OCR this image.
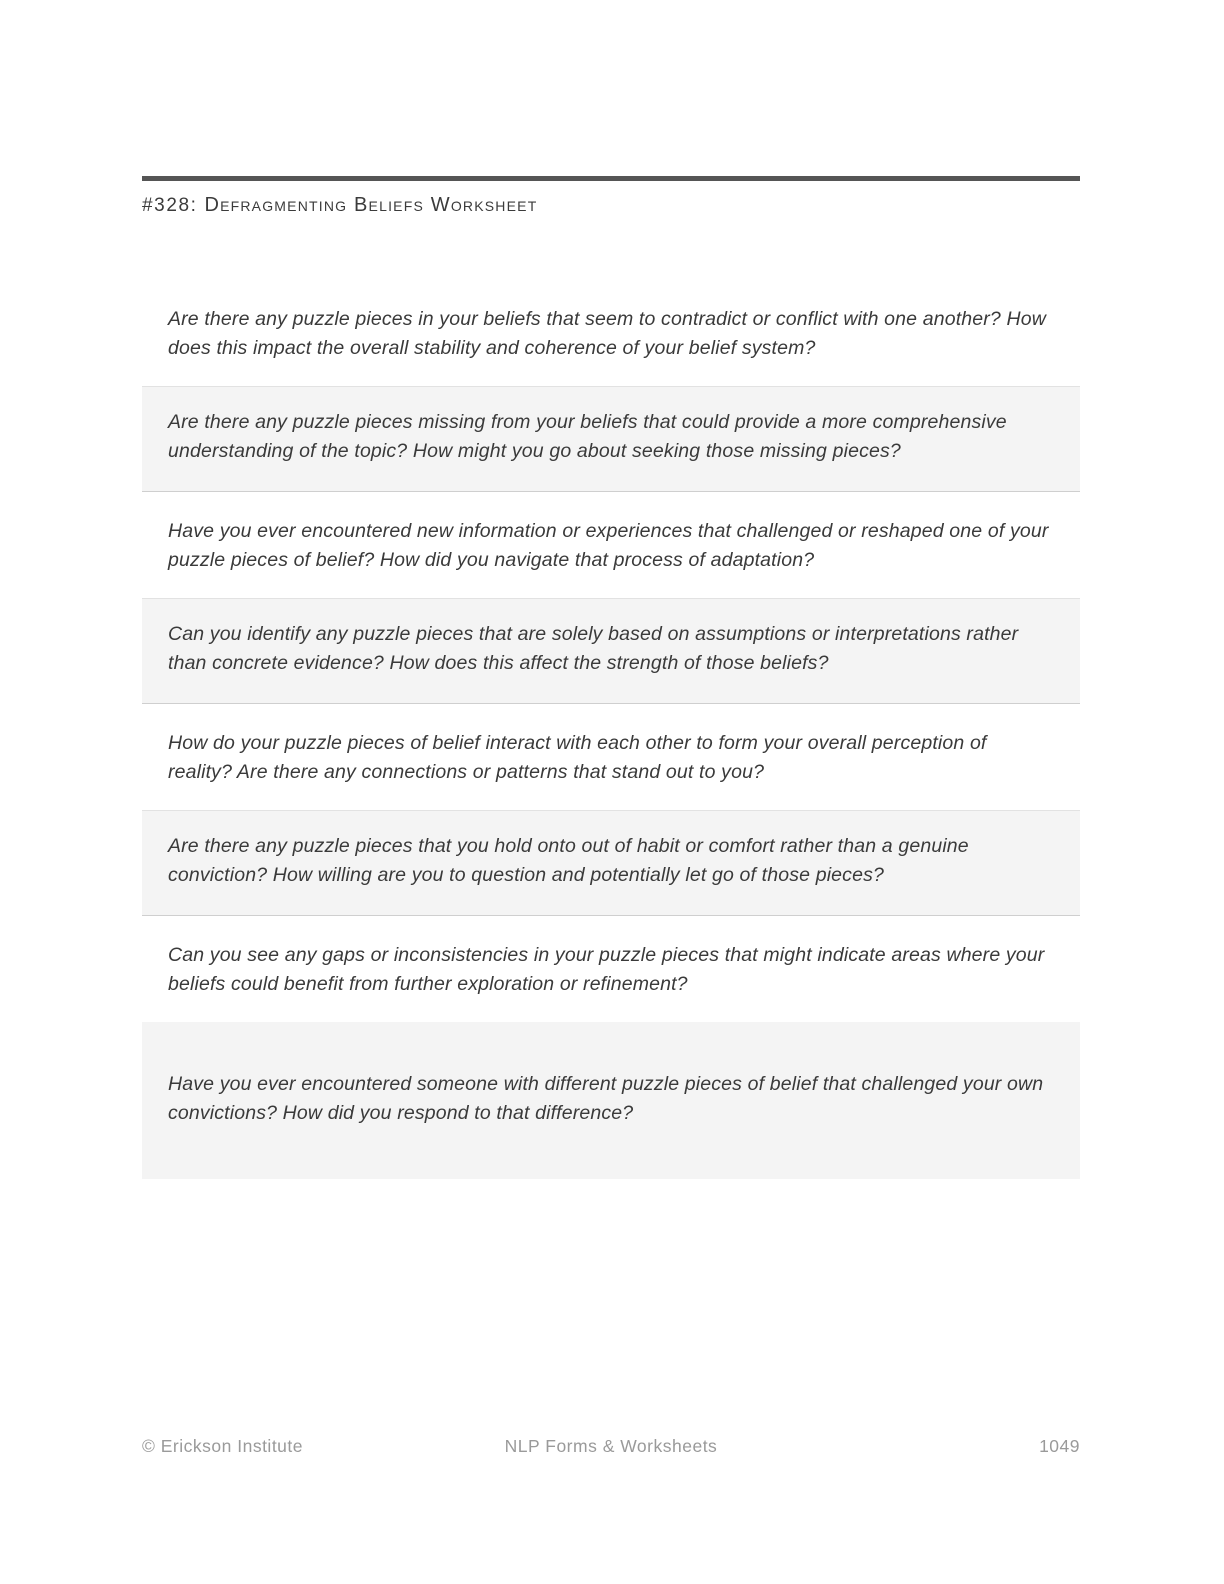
#328: Defragmenting Beliefs Worksheet

Are there any puzzle pieces in your beliefs that seem to contradict or conflict with one another? How does this impact the overall stability and coherence of your belief system?

Are there any puzzle pieces missing from your beliefs that could provide a more comprehensive understanding of the topic? How might you go about seeking those missing pieces?

Have you ever encountered new information or experiences that challenged or reshaped one of your puzzle pieces of belief? How did you navigate that process of adaptation?

Can you identify any puzzle pieces that are solely based on assumptions or interpretations rather than concrete evidence? How does this affect the strength of those beliefs?

How do your puzzle pieces of belief interact with each other to form your overall perception of reality? Are there any connections or patterns that stand out to you?

Are there any puzzle pieces that you hold onto out of habit or comfort rather than a genuine conviction? How willing are you to question and potentially let go of those pieces?

Can you see any gaps or inconsistencies in your puzzle pieces that might indicate areas where your beliefs could benefit from further exploration or refinement?

Have you ever encountered someone with different puzzle pieces of belief that challenged your own convictions? How did you respond to that difference?

© Erickson Institute	NLP Forms & Worksheets	1049
